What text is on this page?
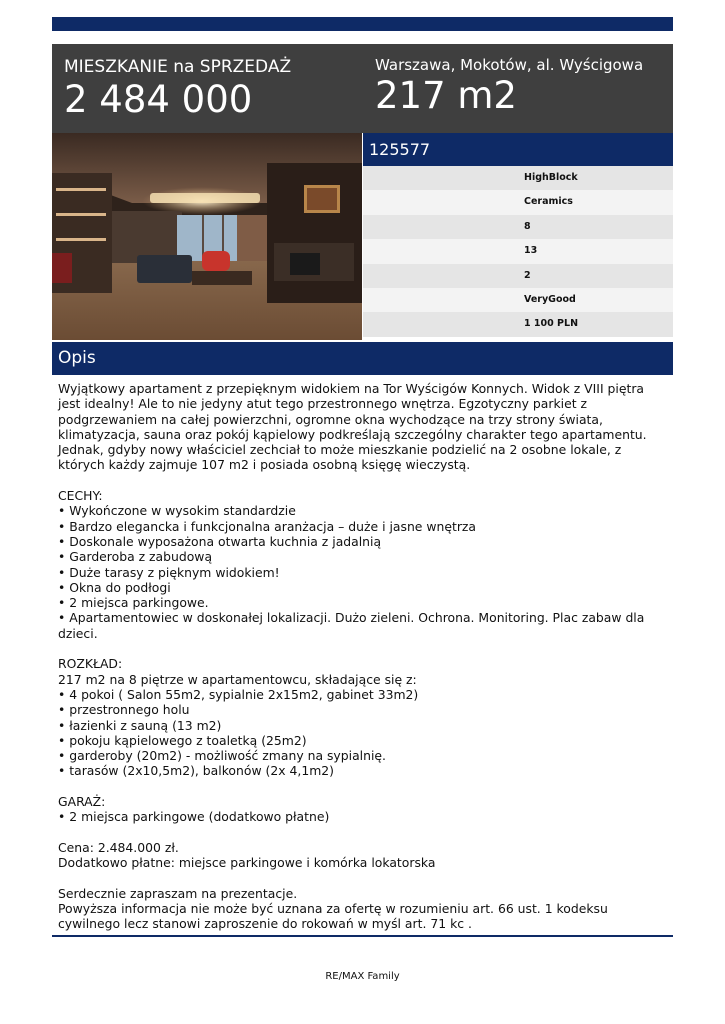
MIESZKANIE na SPRZEDAŻ
2 484 000
Warszawa, Mokotów, al. Wyścigowa
217 m2
125577
HighBlock
Ceramics
8
13
2
VeryGood
1 100 PLN
Opis
Wyjątkowy apartament z przepięknym widokiem na Tor Wyścigów Konnych. Widok z VIII piętra jest idealny! Ale to nie jedyny atut tego przestronnego wnętrza. Egzotyczny parkiet z podgrzewaniem na całej powierzchni, ogromne okna wychodzące na trzy strony świata, klimatyzacja, sauna oraz pokój kąpielowy podkreślają szczególny charakter tego apartamentu. Jednak, gdyby nowy właściciel zechciał to może mieszkanie podzielić na 2 osobne lokale, z których każdy zajmuje 107 m2 i posiada osobną księgę wieczystą.

CECHY:
• Wykończone w wysokim standardzie
• Bardzo elegancka i funkcjonalna aranżacja – duże i jasne wnętrza
• Doskonale wyposażona otwarta kuchnia z jadalnią
• Garderoba z zabudową
• Duże tarasy z pięknym widokiem!
• Okna do podłogi
• 2 miejsca parkingowe.
• Apartamentowiec w doskonałej lokalizacji. Dużo zieleni. Ochrona. Monitoring. Plac zabaw dla dzieci.

ROZKŁAD:
217 m2 na 8 piętrze w apartamentowcu, składające się z:
• 4 pokoi ( Salon 55m2, sypialnie 2x15m2, gabinet 33m2)
• przestronnego holu
• łazienki z sauną (13 m2)
• pokoju kąpielowego z toaletką (25m2)
• garderoby (20m2) - możliwość zmany na sypialnię.
• tarasów (2x10,5m2), balkonów (2x 4,1m2)

GARAŻ:
• 2 miejsca parkingowe (dodatkowo płatne)

Cena: 2.484.000 zł.
Dodatkowo płatne: miejsce parkingowe i komórka lokatorska

Serdecznie zapraszam na prezentacje.
Powyższa informacja nie może być uznana za ofertę w rozumieniu art. 66 ust. 1 kodeksu cywilnego lecz stanowi zaproszenie do rokowań w myśl art. 71 kc .
RE/MAX Family
